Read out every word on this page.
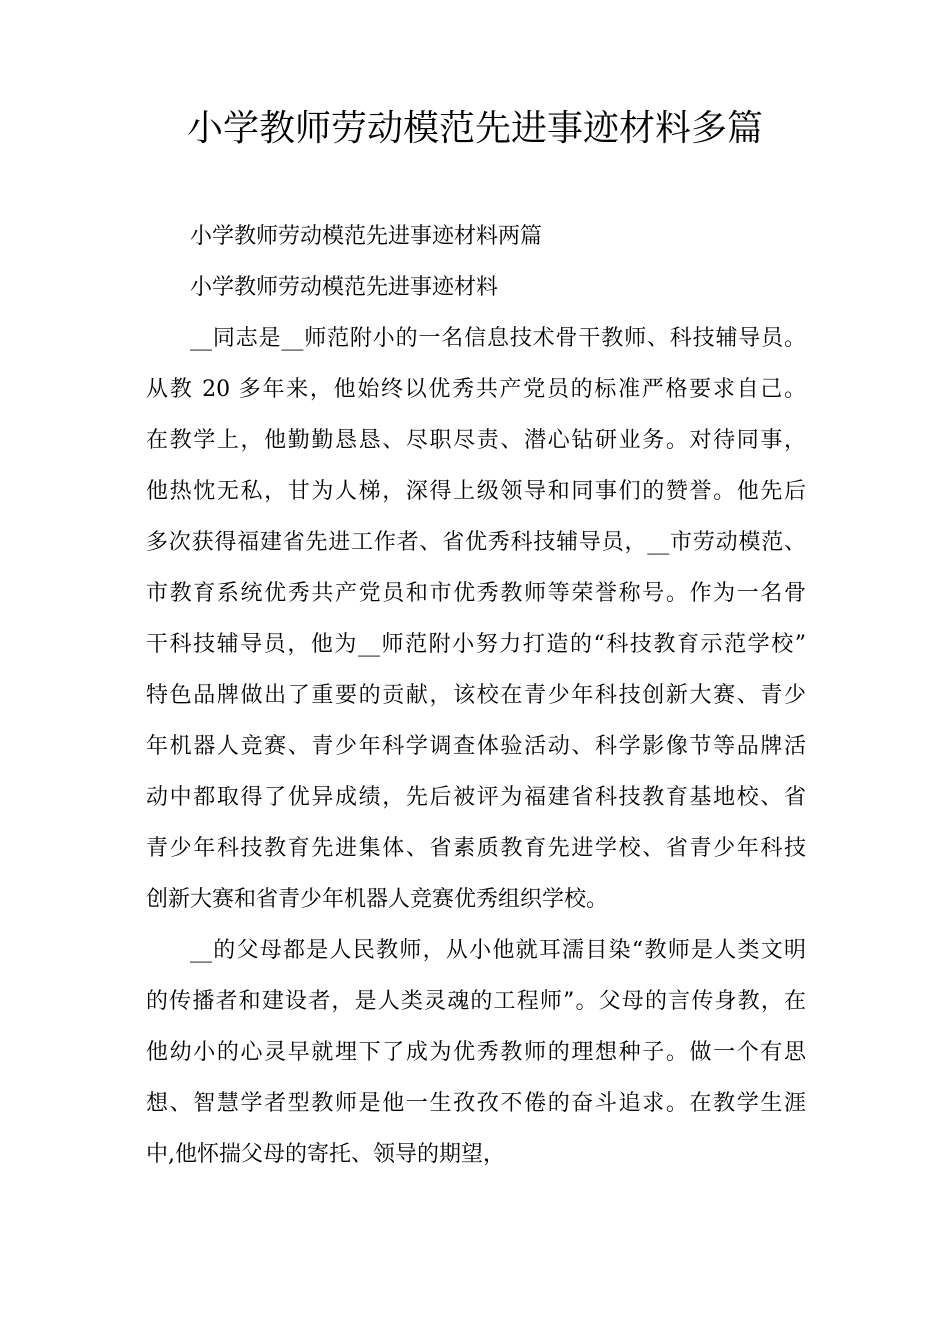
小学教师劳动模范先进事迹材料多篇

小学教师劳动模范先进事迹材料两篇

小学教师劳动模范先进事迹材料

__同志是__师范附小的一名信息技术骨干教师、科技辅导员。
从教 20 多年来，他始终以优秀共产党员的标准严格要求自己。
在教学上，他勤勤恳恳、尽职尽责、潜心钻研业务。对待同事，
他热忱无私，甘为人梯，深得上级领导和同事们的赞誉。他先后
多次获得福建省先进工作者、省优秀科技辅导员，__市劳动模范、
市教育系统优秀共产党员和市优秀教师等荣誉称号。作为一名骨
干科技辅导员，他为__师范附小努力打造的“科技教育示范学校”
特色品牌做出了重要的贡献，该校在青少年科技创新大赛、青少
年机器人竞赛、青少年科学调查体验活动、科学影像节等品牌活
动中都取得了优异成绩，先后被评为福建省科技教育基地校、省
青少年科技教育先进集体、省素质教育先进学校、省青少年科技
创新大赛和省青少年机器人竞赛优秀组织学校。
__的父母都是人民教师，从小他就耳濡目染“教师是人类文明
的传播者和建设者，是人类灵魂的工程师”。父母的言传身教，在
他幼小的心灵早就埋下了成为优秀教师的理想种子。做一个有思
想、智慧学者型教师是他一生孜孜不倦的奋斗追求。在教学生涯
中,他怀揣父母的寄托、领导的期望，
